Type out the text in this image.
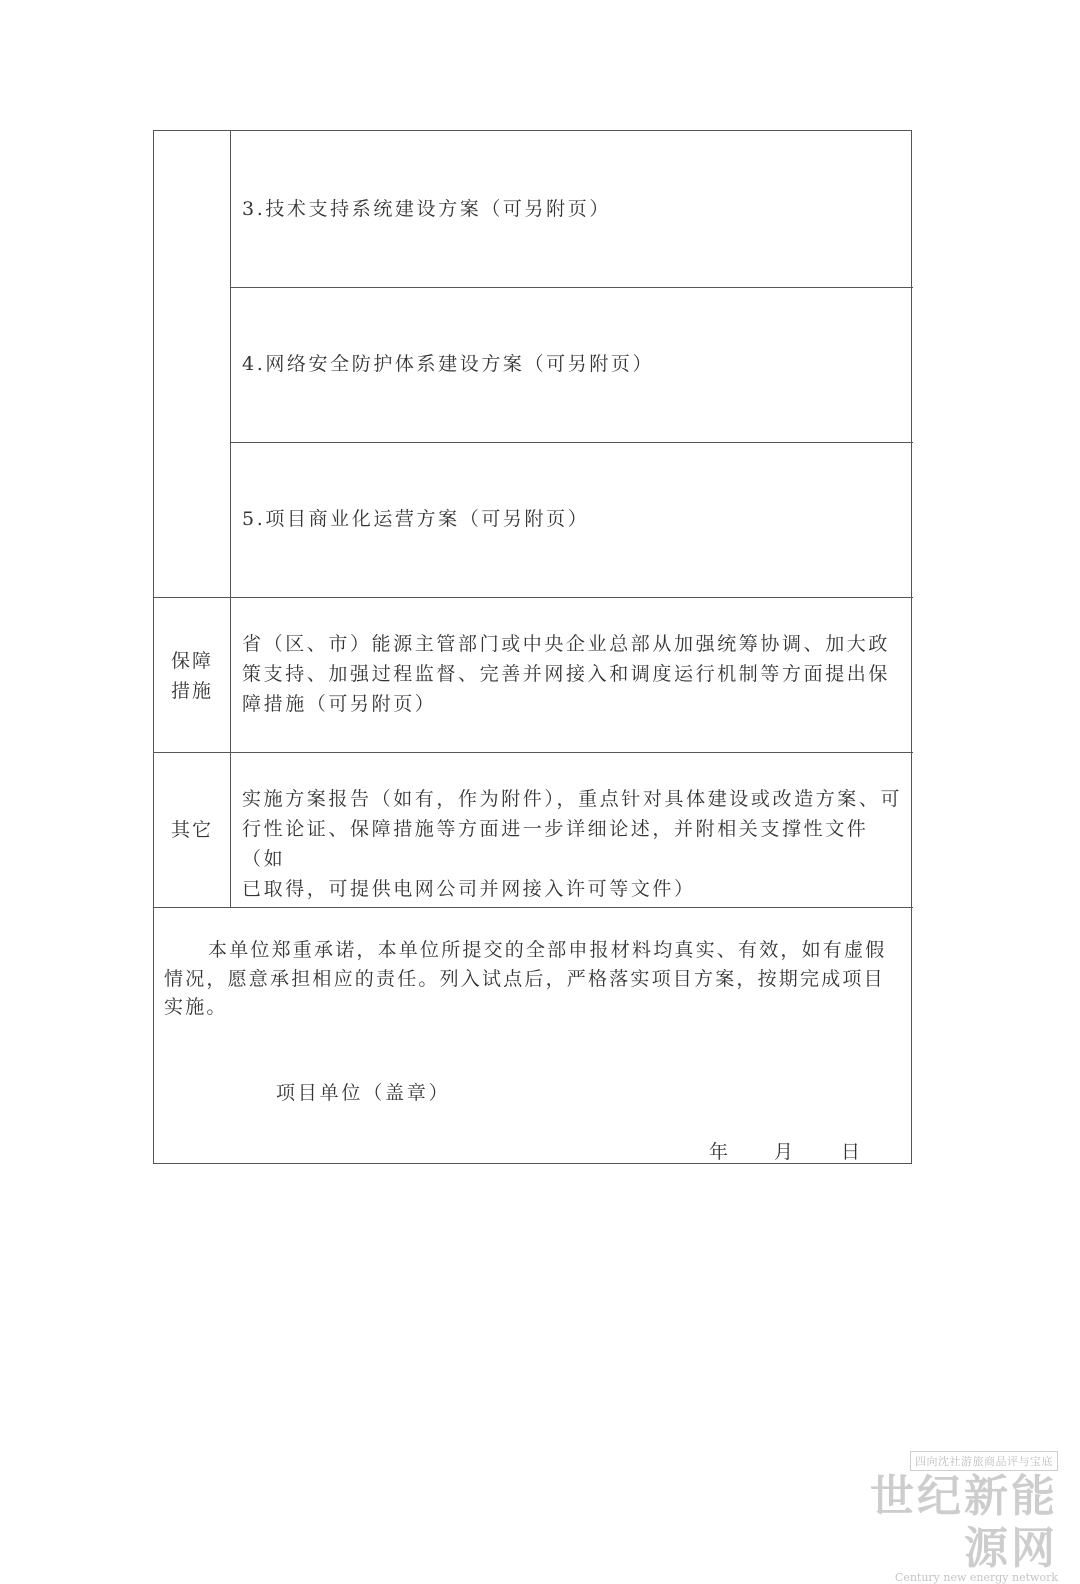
3.技术支持系统建设方案（可另附页）
4.网络安全防护体系建设方案（可另附页）
5.项目商业化运营方案（可另附页）
保障
措施
省（区、市）能源主管部门或中央企业总部从加强统筹协调、加大政
策支持、加强过程监督、完善并网接入和调度运行机制等方面提出保
障措施（可另附页）
其它
实施方案报告（如有，作为附件），重点针对具体建设或改造方案、可
行性论证、保障措施等方面进一步详细论述，并附相关支撑性文件（如
已取得，可提供电网公司并网接入许可等文件）
本单位郑重承诺，本单位所提交的全部申报材料均真实、有效，如有虚假情况，愿意承担相应的责任。列入试点后，严格落实项目方案，按期完成项目实施。
项目单位（盖章）
年 月	日
四向沈社游旅商品评与宝底
世纪新能源网
Century new energy network
